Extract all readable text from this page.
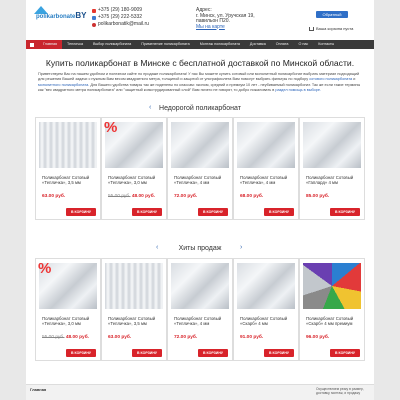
polikarbonateBY
+375 (29) 180-9009
+375 (29) 222-5332
polikarbonatik@mail.ru
Адрес:
г. Минск, ул. Уручская 19,
павильон П20.
Мы на карте
Обратный звонок
Ваша корзина пуста
Главная	Тепличка	Выбор поликарбоната	Применение поликарбоната	Монтаж поликарбоната	Доставка	Оплата	О нас	Контакты
Купить поликарбонат в Минске с бесплатной доставкой по Минской области.
Приветствуем Вас на нашем удобном и полезном сайте по продаже поликарбоната! У нас Вы можете купить сотовый или монолитный поликарбонат выбрать материал подходящий для решения Вашей задачи с нужным Вам весом квадратного метра, толщиной и защитой от ультрафиолета Вам помогут выбрать фильтры по подбору сотового поликарбоната и монолитного поликарбоната. Для Вашего удобства товары так же поделены по классам: эконом, средний и премиум 10 лет - неубиваемый поликарбонат. Так же если такие термины как "вес квадратного метра поликарбоната" или "защитный коэкструдированный слой" Вам ничего не говорят, то добро пожаловать в раздел помощь в выборе.
‹	Недорогой поликарбонат
Поликарбонат Сотовый «Тепличка», 3,5 мм
63.00 руб.
В КОРЗИНУ
%
Поликарбонат Сотовый «Тепличка», 3,0 мм
55.00 руб. 48.00 руб.
В КОРЗИНУ
Поликарбонат Сотовый «Тепличка», 4 мм
72.00 руб.
В КОРЗИНУ
Поликарбонат Сотовый «Тепличка», 4 мм
68.00 руб.
В КОРЗИНУ
Поликарбонат Сотовый «Гаплард» 4 мм
85.00 руб.
В КОРЗИНУ
‹	›
Хиты продаж
%
Поликарбонат Сотовый «Тепличка», 3,0 мм
55.00 руб. 48.00 руб.
В КОРЗИНУ
Поликарбонат Сотовый «Тепличка», 3,5 мм
63.00 руб.
В КОРЗИНУ
Поликарбонат Сотовый «Тепличка», 4 мм
72.00 руб.
В КОРЗИНУ
Поликарбонат Сотовый «Скарб» 4 мм
91.00 руб.
В КОРЗИНУ
Поликарбонат Сотовый «Скарб» 4 мм премиум
96.00 руб.
В КОРЗИНУ
Главная	Осуществляем резку в размер, доставку, монтаж, и продажу
